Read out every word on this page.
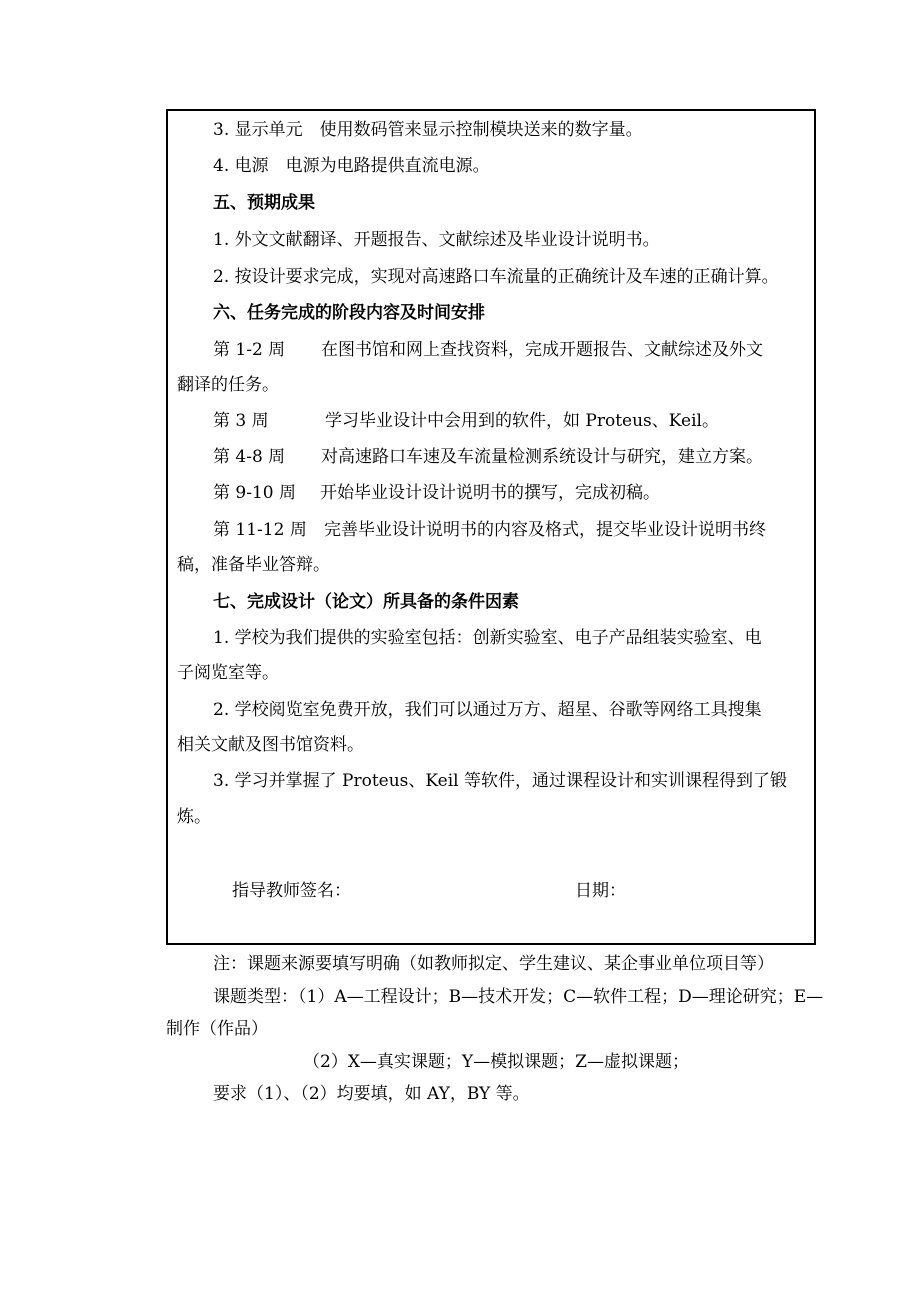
3. 显示单元 使用数码管来显示控制模块送来的数字量。
4. 电源 电源为电路提供直流电源。
五、预期成果
1. 外文文献翻译、开题报告、文献综述及毕业设计说明书。
2. 按设计要求完成，实现对高速路口车流量的正确统计及车速的正确计算。
六、任务完成的阶段内容及时间安排
第 1-2 周 在图书馆和网上查找资料，完成开题报告、文献综述及外文
翻译的任务。
第 3 周	学习毕业设计中会用到的软件，如 Proteus、Keil。
第 4-8 周 对高速路口车速及车流量检测系统设计与研究，建立方案。
第 9-10 周 开始毕业设计设计说明书的撰写，完成初稿。
第 11-12 周 完善毕业设计说明书的内容及格式，提交毕业设计说明书终
稿，准备毕业答辩。
七、完成设计（论文）所具备的条件因素
1. 学校为我们提供的实验室包括：创新实验室、电子产品组装实验室、电
子阅览室等。
2. 学校阅览室免费开放，我们可以通过万方、超星、谷歌等网络工具搜集
相关文献及图书馆资料。
3. 学习并掌握了 Proteus、Keil 等软件，通过课程设计和实训课程得到了锻
炼。
指导教师签名：	日期：
注：课题来源要填写明确（如教师拟定、学生建议、某企事业单位项目等）
课题类型：（1）A—工程设计；B—技术开发；C—软件工程；D—理论研究；E—
制作（作品）
（2）X—真实课题；Y—模拟课题；Z—虚拟课题；
要求（1）、（2）均要填，如 AY，BY 等。
